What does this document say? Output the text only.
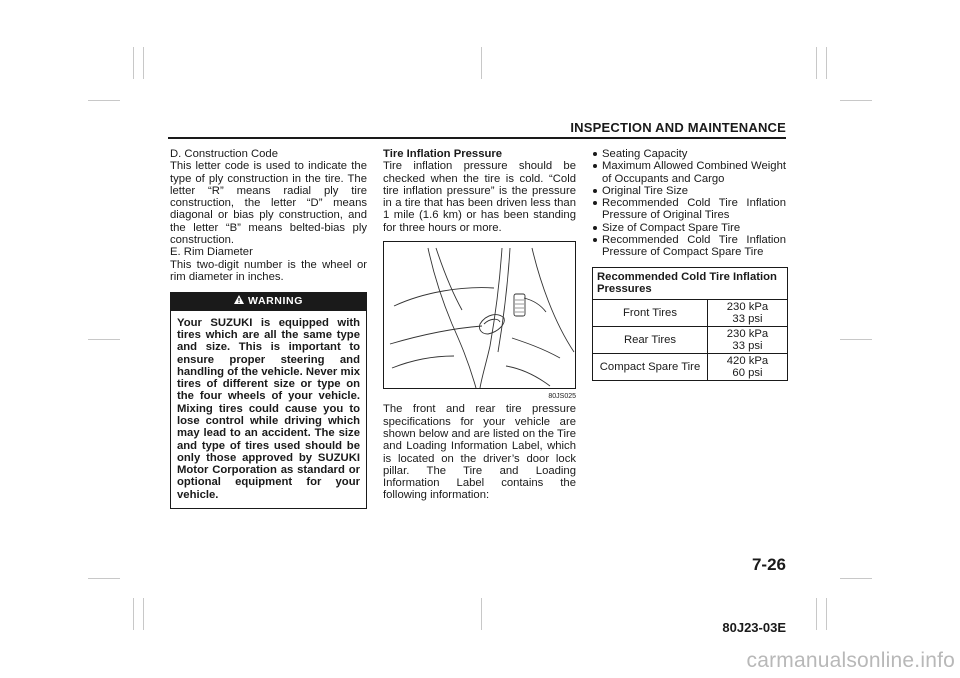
INSPECTION AND MAINTENANCE

D. Construction Code

This letter code is used to indicate the type of ply construction in the tire. The letter “R” means radial ply tire construction, the letter “D” means diagonal or bias ply construction, and the letter “B” means belted-bias ply construction.

E. Rim Diameter

This two-digit number is the wheel or rim diameter in inches.

WARNING
Your SUZUKI is equipped with tires which are all the same type and size. This is important to ensure proper steering and handling of the vehicle. Never mix tires of different size or type on the four wheels of your vehicle. Mixing tires could cause you to lose control while driving which may lead to an accident. The size and type of tires used should be only those approved by SUZUKI Motor Corporation as standard or optional equipment for your vehicle.

Tire Inflation Pressure

Tire inflation pressure should be checked when the tire is cold. “Cold tire inflation pressure” is the pressure in a tire that has been driven less than 1 mile (1.6 km) or has been standing for three hours or more.

80JS025

The front and rear tire pressure specifications for your vehicle are shown below and are listed on the Tire and Loading Information Label, which is located on the driver’s door lock pillar. The Tire and Loading Information Label contains the following information:

Seating Capacity
Maximum Allowed Combined Weight of Occupants and Cargo
Original Tire Size
Recommended Cold Tire Inflation Pressure of Original Tires
Size of Compact Spare Tire
Recommended Cold Tire Inflation Pressure of Compact Spare Tire
Recommended Cold Tire Inflation Pressures	
Front Tires	230 kPa
33 psi
Rear Tires	230 kPa
33 psi
Compact Spare Tire	420 kPa
60 psi
7-26
80J23-03E
carmanualsonline.info
